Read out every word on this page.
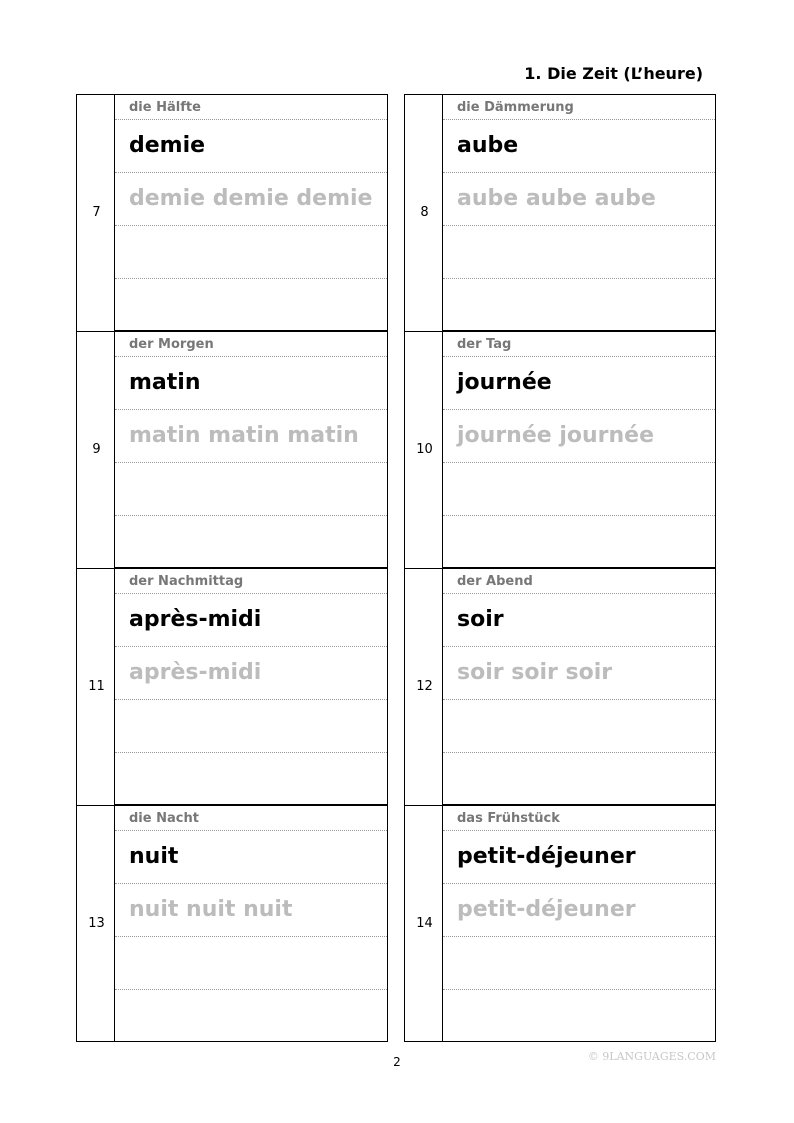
1. Die Zeit (L’heure)
7
die Hälfte
demie
demie demie demie
8
die Dämmerung
aube
aube aube aube
9
der Morgen
matin
matin matin matin
10
der Tag
journée
journée journée
11
der Nachmittag
après-midi
après-midi
12
der Abend
soir
soir soir soir
13
die Nacht
nuit
nuit nuit nuit
14
das Frühstück
petit-déjeuner
petit-déjeuner
2	© 9LANGUAGES.COM
